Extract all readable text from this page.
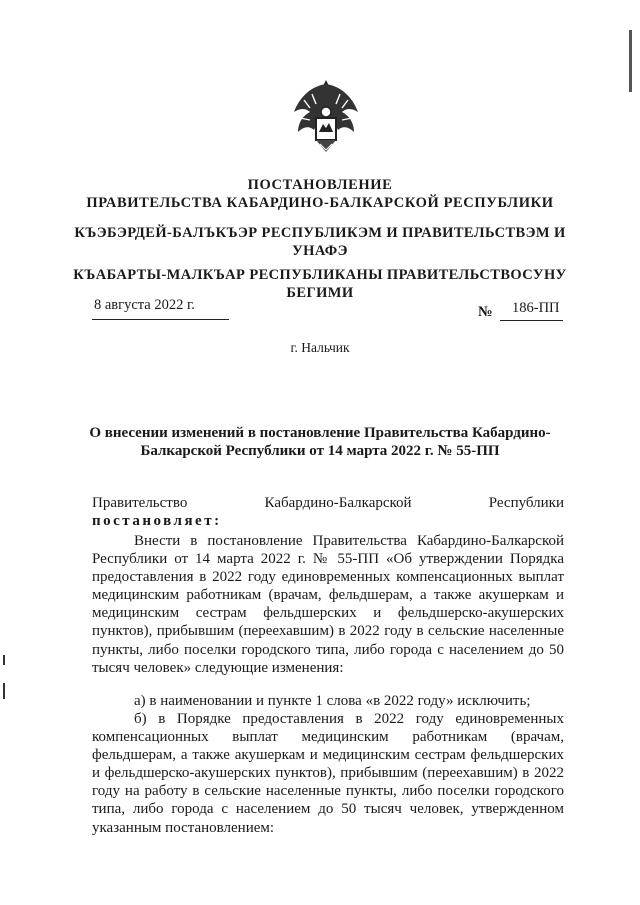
ПОСТАНОВЛЕНИЕ
ПРАВИТЕЛЬСТВА КАБАРДИНО-БАЛКАРСКОЙ РЕСПУБЛИКИ
КЪЭБЭРДЕЙ-БАЛЪКЪЭР РЕСПУБЛИКЭМ И ПРАВИТЕЛЬСТВЭМ И УНАФЭ
КЪАБАРТЫ-МАЛКЪАР РЕСПУБЛИКАНЫ ПРАВИТЕЛЬСТВОСУНУ БЕГИМИ
8 августа 2022 г.	№ 186-ПП
г. Нальчик
О внесении изменений в постановление Правительства Кабардино-Балкарской Республики от 14 марта 2022 г. № 55-ПП
Правительство Кабардино-Балкарской Республики
постановляет:
Внести в постановление Правительства Кабардино-Балкарской Республики от 14 марта 2022 г. № 55-ПП «Об утверждении Порядка предоставления в 2022 году единовременных компенсационных выплат медицинским работникам (врачам, фельдшерам, а также акушеркам и медицинским сестрам фельдшерских и фельдшерско-акушерских пунктов), прибывшим (переехавшим) в 2022 году в сельские населенные пункты, либо поселки городского типа, либо города с населением до 50 тысяч человек» следующие изменения:
а) в наименовании и пункте 1 слова «в 2022 году» исключить;
б) в Порядке предоставления в 2022 году единовременных компенсационных выплат медицинским работникам (врачам, фельдшерам, а также акушеркам и медицинским сестрам фельдшерских и фельдшерско-акушерских пунктов), прибывшим (переехавшим) в 2022 году на работу в сельские населенные пункты, либо поселки городского типа, либо города с населением до 50 тысяч человек, утвержденном указанным постановлением:
